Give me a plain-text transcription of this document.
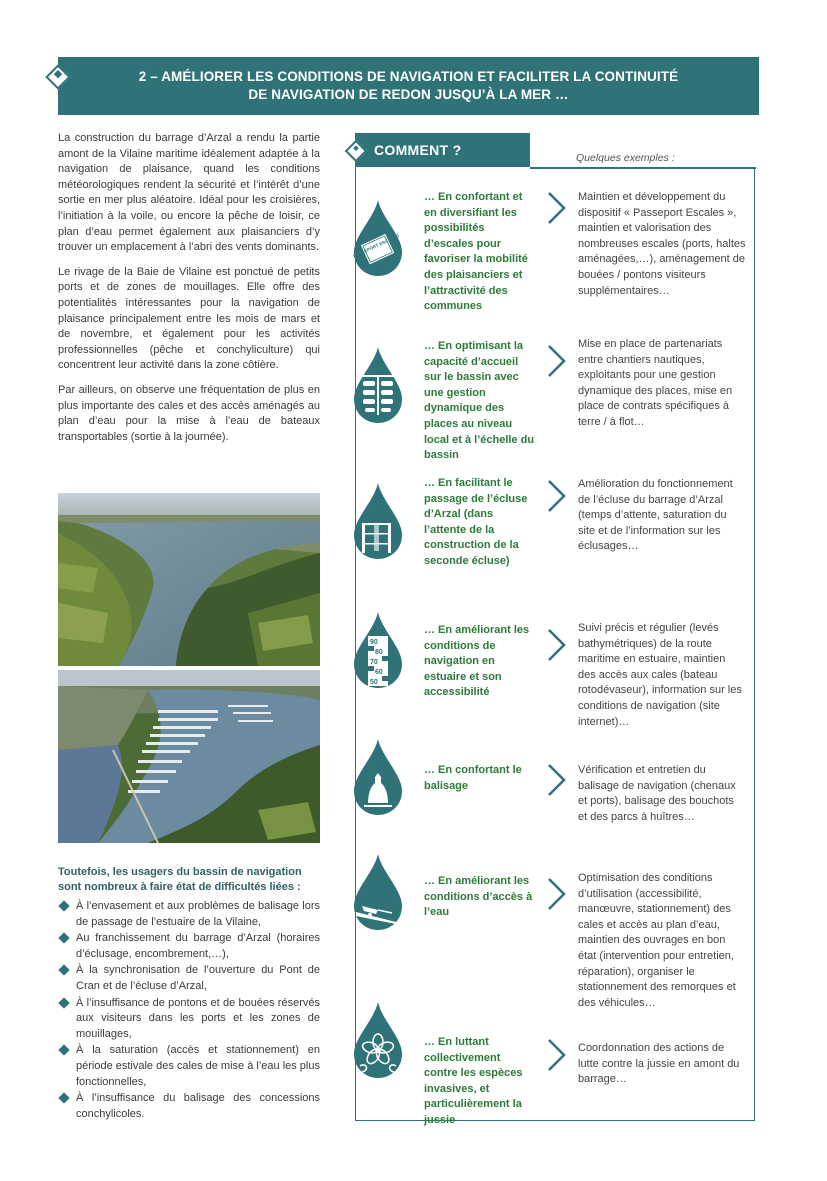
2 – AMÉLIORER LES CONDITIONS DE NAVIGATION ET FACILITER LA CONTINUITÉ
DE NAVIGATION DE REDON JUSQU’À LA MER …

La construction du barrage d’Arzal a rendu la partie amont de la Vilaine maritime idéalement adaptée à la navigation de plaisance, quand les conditions météorologiques rendent la sécurité et l’intérêt d’une sortie en mer plus aléatoire. Idéal pour les croisières, l’initiation à la voile, ou encore la pêche de loisir, ce plan d’eau permet également aux plaisanciers d’y trouver un emplacement à l’abri des vents dominants.

Le rivage de la Baie de Vilaine est ponctué de petits ports et de zones de mouillages. Elle offre des potentialités intéressantes pour la navigation de plaisance principalement entre les mois de mars et de novembre, et également pour les activités professionnelles (pêche et conchyliculture) qui concentrent leur activité dans la zone côtière.

Par ailleurs, on observe une fréquentation de plus en plus importante des cales et des accès aménagés au plan d’eau pour la mise à l’eau de bateaux transportables (sortie à la journée).

Toutefois, les usagers du bassin de navigation sont nombreux à faire état de difficultés liées :
À l’envasement et aux problèmes de balisage lors de passage de l’estuaire de la Vilaine,
Au franchissement du barrage d’Arzal (horaires d’éclusage, encombrement,…),
À la synchronisation de l’ouverture du Pont de Cran et de l’écluse d’Arzal,
À l’insuffisance de pontons et de bouées réservés aux visiteurs dans les ports et les zones de mouillages,
À la saturation (accès et stationnement) en période estivale des cales de mise à l’eau les plus fonctionnelles,
À l’insuffisance du balisage des concessions conchylicoles.
COMMENT ?	Quelques exemples :
PASSEPORT ESCALES

… En confortant et en diversifiant les possibilités d’escales pour favoriser la mobilité des plaisanciers et l’attractivité des communes

Maintien et développement du dispositif « Passeport Escales », maintien et valorisation des nombreuses escales (ports, haltes aménagées,…), aménagement de bouées / pontons visiteurs supplémentaires…

… En optimisant la capacité d’accueil sur le bassin avec une gestion dynamique des places au niveau local et à l’échelle du bassin

Mise en place de partenariats entre chantiers nautiques, exploitants pour une gestion dynamique des places, mise en place de contrats spécifiques à terre / à flot…

… En facilitant le passage de l’écluse d’Arzal (dans l’attente de la construction de la seconde écluse)

Amélioration du fonctionnement de l’écluse du barrage d’Arzal (temps d’attente, saturation du site et de l’information sur les éclusages…

90
80
70
60
50

… En améliorant les conditions de navigation en estuaire et son accessibilité

Suivi précis et régulier (levés bathymétriques) de la route maritime en estuaire, maintien des accès aux cales (bateau rotodévaseur), information sur les conditions de navigation (site internet)…

… En confortant le balisage

Vérification et entretien du balisage de navigation (chenaux et ports), balisage des bouchots et des parcs à huîtres…

… En améliorant les conditions d’accès à l’eau

Optimisation des conditions d’utilisation (accessibilité, manœuvre, stationnement) des cales et accès au plan d’eau, maintien des ouvrages en bon état (intervention pour entretien, réparation), organiser le stationnement des remorques et des véhicules…

… En luttant collectivement contre les espèces invasives, et particulièrement la jussie

Coordonnation des actions de lutte contre la jussie en amont du barrage…
